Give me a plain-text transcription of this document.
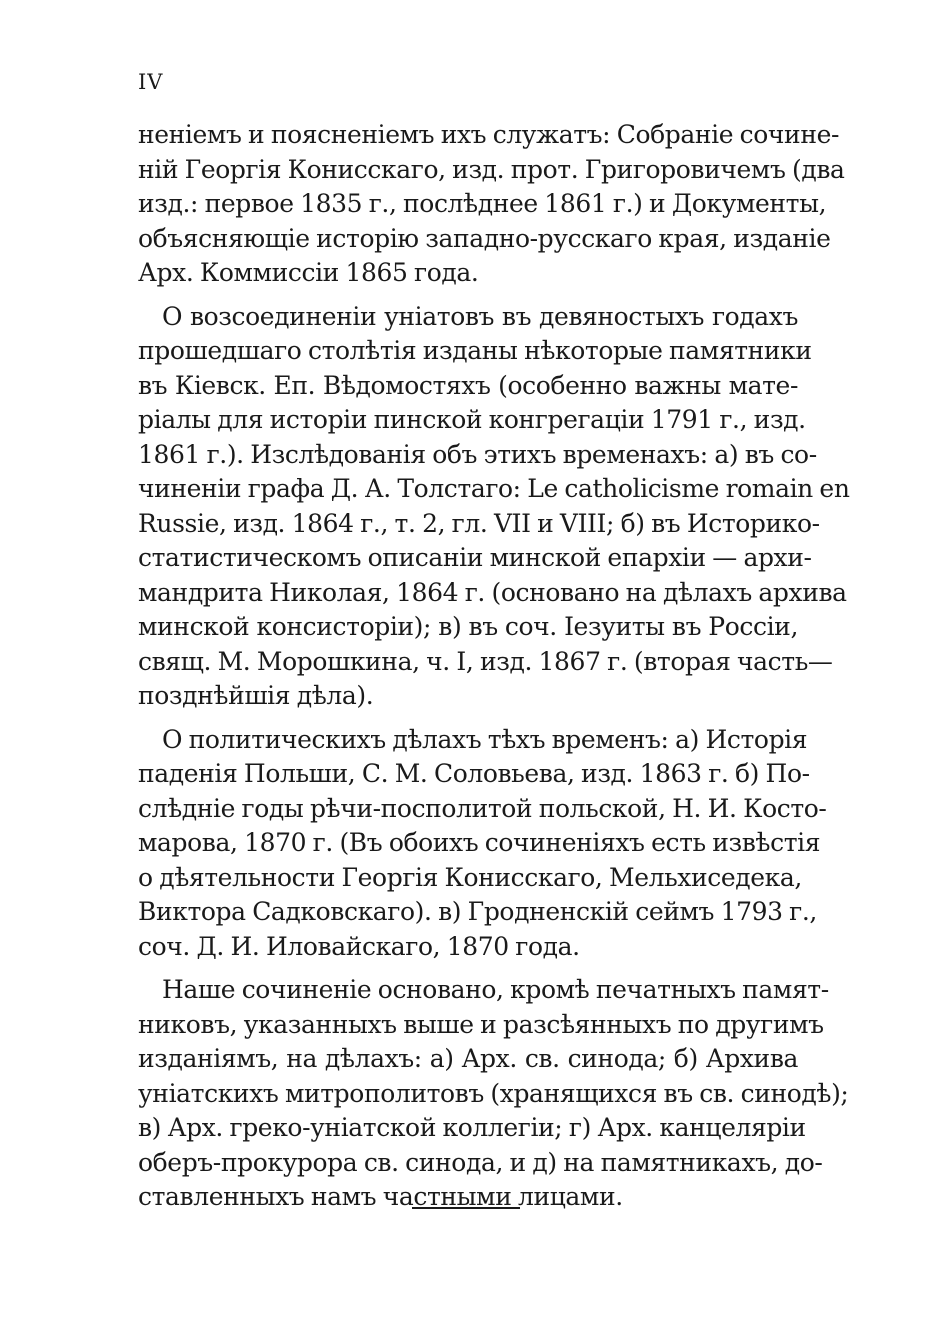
IV

неніемъ и поясненіемъ ихъ служатъ: Собраніе сочине-
ній Георгія Конисскаго, изд. прот. Григоровичемъ (два
изд.: первое 1835 г., послѣднее 1861 г.) и Документы,
объясняющіе исторію западно-русскаго края, изданіе
Арх. Коммиссіи 1865 года.

О возсоединеніи уніатовъ въ девяностыхъ годахъ
прошедшаго столѣтія изданы нѣкоторые памятники
въ Кіевск. Еп. Вѣдомостяхъ (особенно важны мате-
ріалы для исторіи пинской конгрегаціи 1791 г., изд.
1861 г.). Изслѣдованія объ этихъ временахъ: а) въ со-
чиненіи графа Д. А. Толстаго: Le catholicisme romain en
Russie, изд. 1864 г., т. 2, гл. VII и VIII; б) въ Историко-
статистическомъ описаніи минской епархіи — архи-
мандрита Николая, 1864 г. (основано на дѣлахъ архива
минской консисторіи); в) въ соч. Іезуиты въ Россіи,
свящ. М. Морошкина, ч. I, изд. 1867 г. (вторая часть—
позднѣйшія дѣла).

О политическихъ дѣлахъ тѣхъ временъ: а) Исторія
паденія Польши, С. М. Соловьева, изд. 1863 г. б) По-
слѣдніе годы рѣчи-посполитой польской, Н. И. Косто-
марова, 1870 г. (Въ обоихъ сочиненіяхъ есть извѣстія
о дѣятельности Георгія Конисскаго, Мельхиседека,
Виктора Садковскаго). в) Гродненскій сеймъ 1793 г.,
соч. Д. И. Иловайскаго, 1870 года.

Наше сочиненіе основано, кромѣ печатныхъ памят-
никовъ, указанныхъ выше и разсѣянныхъ по другимъ
изданіямъ, на дѣлахъ: а) Арх. св. синода; б) Архива
уніатскихъ митрополитовъ (хранящихся въ св. синодѣ);
в) Арх. греко-уніатской коллегіи; г) Арх. канцеляріи
оберъ-прокурора св. синода, и д) на памятникахъ, до-
ставленныхъ намъ частными лицами.
